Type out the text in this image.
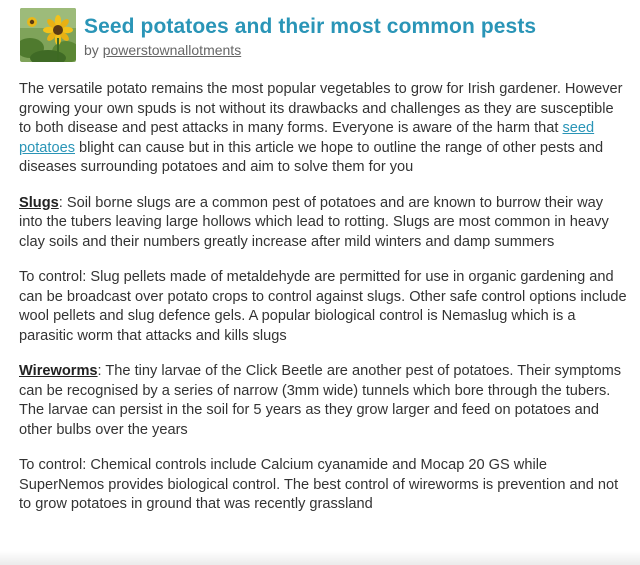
Seed potatoes and their most common pests
by powerstownallotments

The versatile potato remains the most popular vegetables to grow for Irish gardener. However growing your own spuds is not without its drawbacks and challenges as they are susceptible to both disease and pest attacks in many forms. Everyone is aware of the harm that seed potatoes blight can cause but in this article we hope to outline the range of other pests and diseases surrounding potatoes and aim to solve them for you

Slugs: Soil borne slugs are a common pest of potatoes and are known to burrow their way into the tubers leaving large hollows which lead to rotting. Slugs are most common in heavy clay soils and their numbers greatly increase after mild winters and damp summers

To control: Slug pellets made of metaldehyde are permitted for use in organic gardening and can be broadcast over potato crops to control against slugs. Other safe control options include wool pellets and slug defence gels. A popular biological control is Nemaslug which is a parasitic worm that attacks and kills slugs

Wireworms: The tiny larvae of the Click Beetle are another pest of potatoes. Their symptoms can be recognised by a series of narrow (3mm wide) tunnels which bore through the tubers. The larvae can persist in the soil for 5 years as they grow larger and feed on potatoes and other bulbs over the years

To control: Chemical controls include Calcium cyanamide and Mocap 20 GS while SuperNemos provides biological control. The best control of wireworms is prevention and not to grow potatoes in ground that was recently grassland
